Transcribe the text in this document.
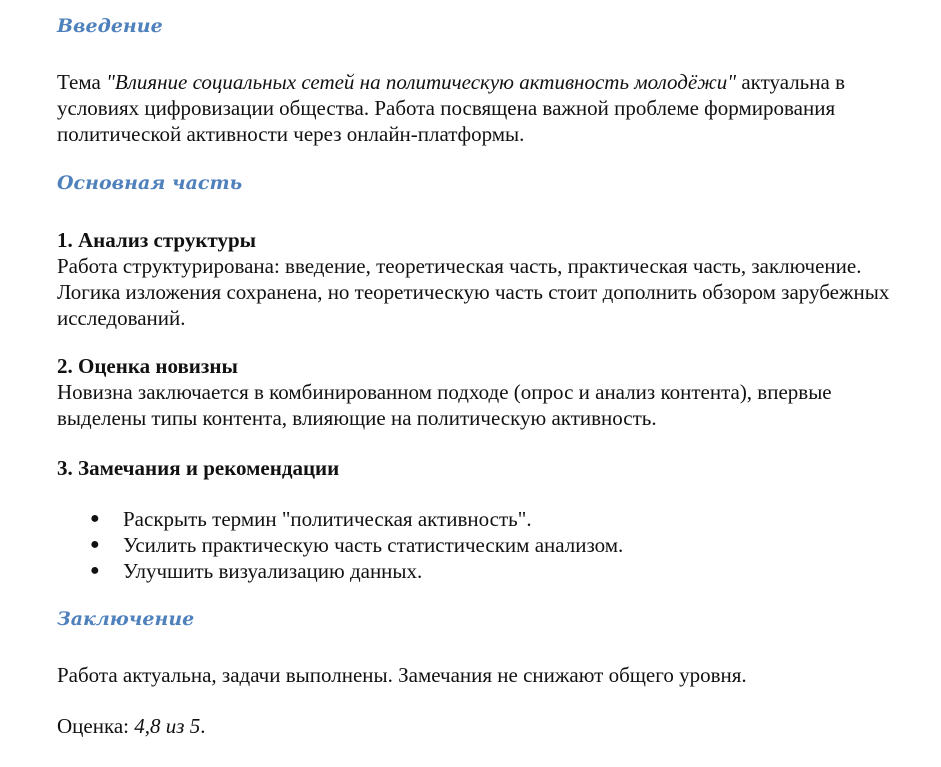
Введение

Тема "Влияние социальных сетей на политическую активность молодёжи" актуальна в условиях цифровизации общества. Работа посвящена важной проблеме формирования политической активности через онлайн-платформы.

Основная часть

1. Анализ структуры

Работа структурирована: введение, теоретическая часть, практическая часть, заключение. Логика изложения сохранена, но теоретическую часть стоит дополнить обзором зарубежных исследований.

2. Оценка новизны

Новизна заключается в комбинированном подходе (опрос и анализ контента), впервые выделены типы контента, влияющие на политическую активность.

3. Замечания и рекомендации

● Раскрыть термин "политическая активность".
● Усилить практическую часть статистическим анализом.
● Улучшить визуализацию данных.
Заключение

Работа актуальна, задачи выполнены. Замечания не снижают общего уровня.

Оценка: 4,8 из 5.
